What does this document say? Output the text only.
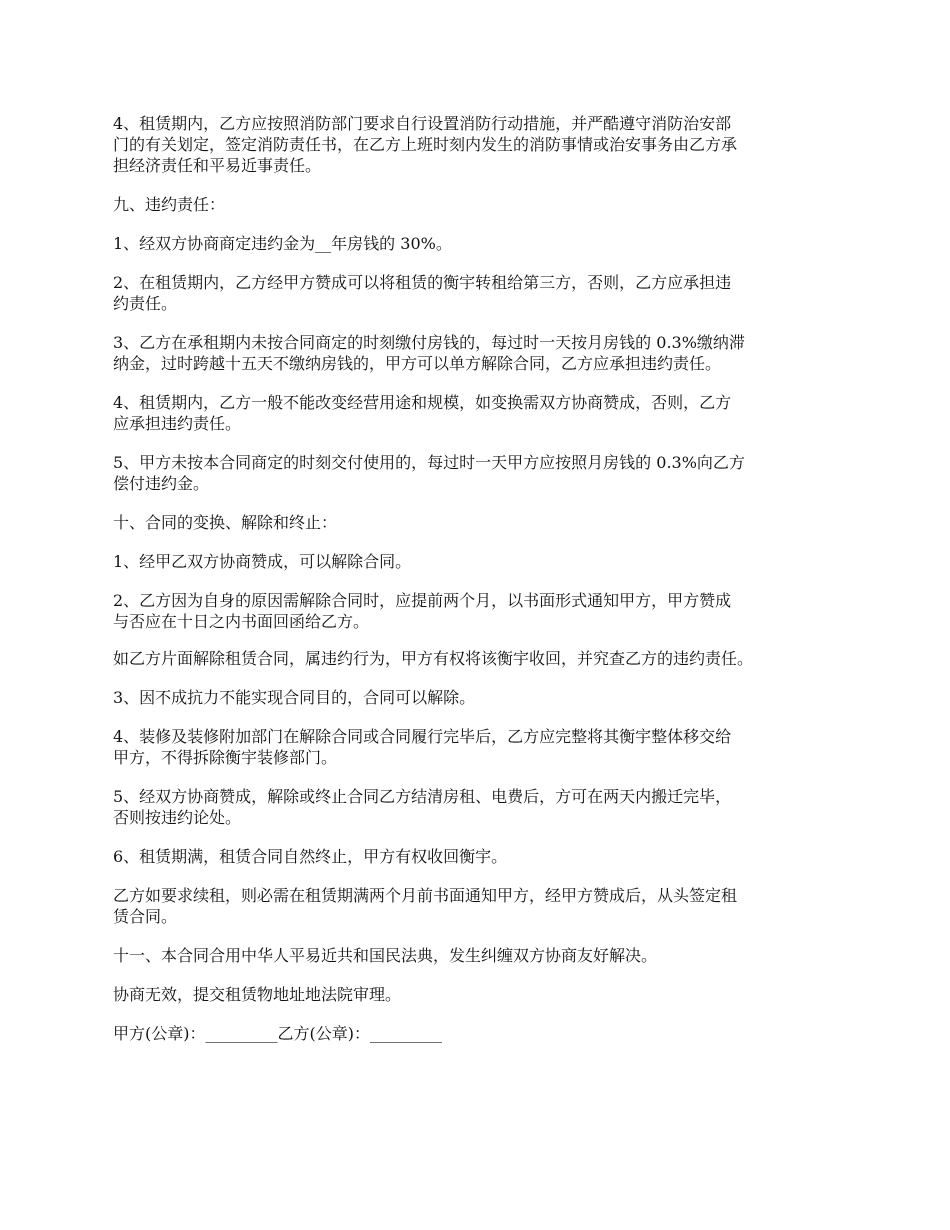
4、租赁期内，乙方应按照消防部门要求自行设置消防行动措施，并严酷遵守消防治安部
门的有关划定，签定消防责任书，在乙方上班时刻内发生的消防事情或治安事务由乙方承
担经济责任和平易近事责任。

九、违约责任：

1、经双方协商商定违约金为__年房钱的 30%。

2、在租赁期内，乙方经甲方赞成可以将租赁的衡宇转租给第三方，否则，乙方应承担违
约责任。

3、乙方在承租期内未按合同商定的时刻缴付房钱的，每过时一天按月房钱的 0.3%缴纳滞
纳金，过时跨越十五天不缴纳房钱的，甲方可以单方解除合同，乙方应承担违约责任。

4、租赁期内，乙方一般不能改变经营用途和规模，如变换需双方协商赞成，否则，乙方
应承担违约责任。

5、甲方未按本合同商定的时刻交付使用的，每过时一天甲方应按照月房钱的 0.3%向乙方
偿付违约金。

十、合同的变换、解除和终止：

1、经甲乙双方协商赞成，可以解除合同。

2、乙方因为自身的原因需解除合同时，应提前两个月，以书面形式通知甲方，甲方赞成
与否应在十日之内书面回函给乙方。

如乙方片面解除租赁合同，属违约行为，甲方有权将该衡宇收回，并究查乙方的违约责任。

3、因不成抗力不能实现合同目的，合同可以解除。

4、装修及装修附加部门在解除合同或合同履行完毕后，乙方应完整将其衡宇整体移交给
甲方，不得拆除衡宇装修部门。

5、经双方协商赞成，解除或终止合同乙方结清房租、电费后，方可在两天内搬迁完毕，
否则按违约论处。

6、租赁期满，租赁合同自然终止，甲方有权收回衡宇。

乙方如要求续租，则必需在租赁期满两个月前书面通知甲方，经甲方赞成后，从头签定租
赁合同。

十一、本合同合用中华人平易近共和国民法典，发生纠缠双方协商友好解决。

协商无效，提交租赁物地址地法院审理。

甲方(公章)：_________乙方(公章)：_________
